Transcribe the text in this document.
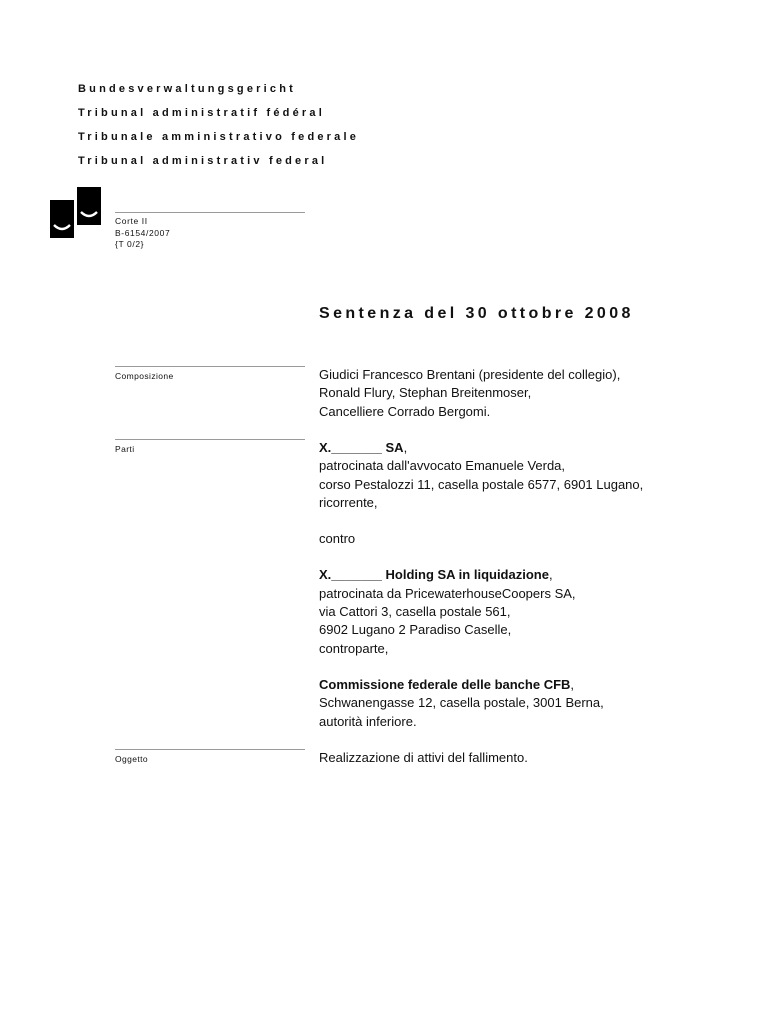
Bundesverwaltungsgericht
Tribunal administratif fédéral
Tribunale amministrativo federale
Tribunal administrativ federal
Corte II
B-6154/2007
{T 0/2}
Sentenza del 30 ottobre 2008
Composizione	Giudici Francesco Brentani (presidente del collegio),

Ronald Flury, Stephan Breitenmoser,

Cancelliere Corrado Bergomi.

Parti	X._______ SA,

patrocinata dall'avvocato Emanuele Verda,

corso Pestalozzi 11, casella postale 6577, 6901 Lugano,

ricorrente,

contro

X._______ Holding SA in liquidazione,

patrocinata da PricewaterhouseCoopers SA,

via Cattori 3, casella postale 561,

6902 Lugano 2 Paradiso Caselle,

controparte,

Commissione federale delle banche CFB,

Schwanengasse 12, casella postale, 3001 Berna,

autorità inferiore.

Oggetto	Realizzazione di attivi del fallimento.
